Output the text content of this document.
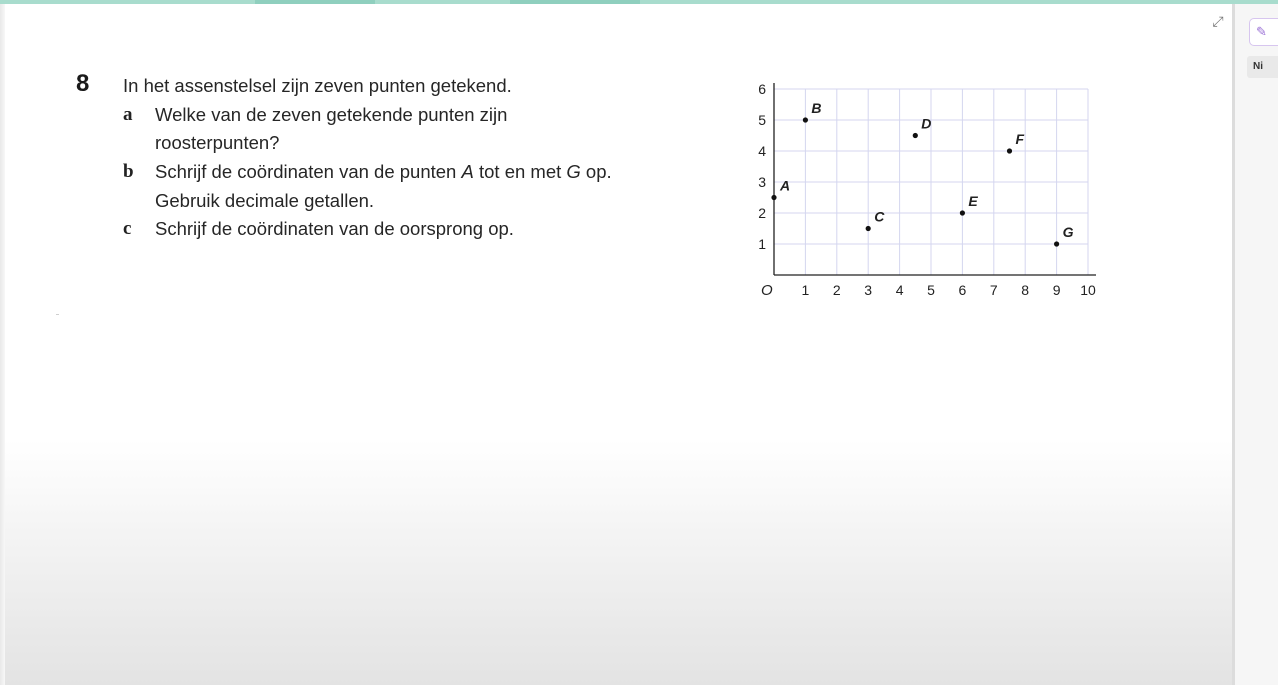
⤢
✎
Ni
8 In het assenstelsel zijn zeven punten getekend.
a Welke van de zeven getekende punten zijn
roosterpunten?
b Schrijf de coördinaten van de punten A tot en met G op.
Gebruik decimale getallen.
c Schrijf de coördinaten van de oorsprong op.
O 1 2 3 4 5 6 7 8 9 10
1
2
3
4
5
6
A
B
C
D
E
F
G
